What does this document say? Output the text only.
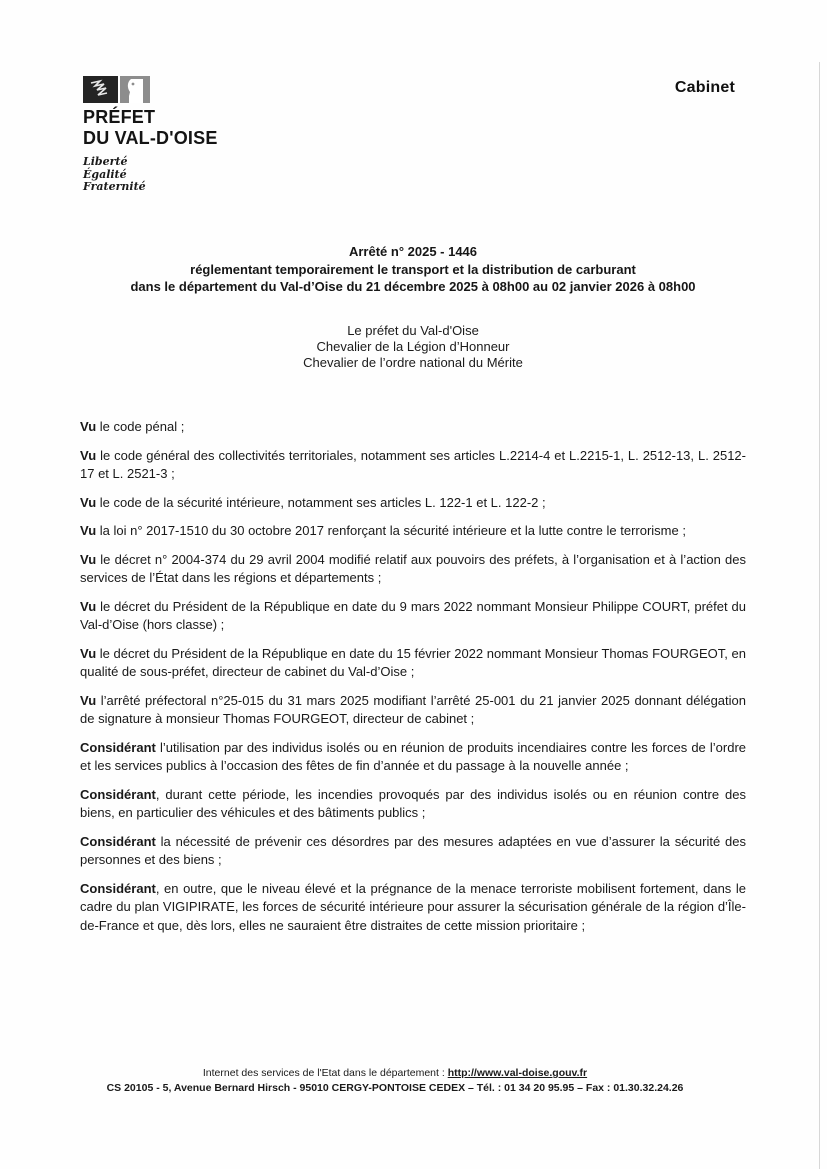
PRÉFET
DU VAL-D'OISE
Liberté
Égalité
Fraternité
Cabinet
Arrêté n° 2025 - 1446
réglementant temporairement le transport et la distribution de carburant
dans le département du Val-d’Oise du 21 décembre 2025 à 08h00 au 02 janvier 2026 à 08h00
Le préfet du Val-d'Oise
Chevalier de la Légion d’Honneur
Chevalier de l’ordre national du Mérite

Vu le code pénal ;

Vu le code général des collectivités territoriales, notamment ses articles L.2214-4 et L.2215-1, L. 2512-13, L. 2512-17 et L. 2521-3 ;

Vu le code de la sécurité intérieure, notamment ses articles L. 122-1 et L. 122-2 ;

Vu la loi n° 2017-1510 du 30 octobre 2017 renforçant la sécurité intérieure et la lutte contre le terrorisme ;

Vu le décret n° 2004-374 du 29 avril 2004 modifié relatif aux pouvoirs des préfets, à l’organisation et à l’action des services de l’État dans les régions et départements ;

Vu le décret du Président de la République en date du 9 mars 2022 nommant Monsieur Philippe COURT, préfet du Val-d’Oise (hors classe) ;

Vu le décret du Président de la République en date du 15 février 2022 nommant Monsieur Thomas FOURGEOT, en qualité de sous-préfet, directeur de cabinet du Val-d’Oise ;

Vu l’arrêté préfectoral n°25-015 du 31 mars 2025 modifiant l’arrêté 25-001 du 21 janvier 2025 donnant délégation de signature à monsieur Thomas FOURGEOT, directeur de cabinet ;

Considérant l’utilisation par des individus isolés ou en réunion de produits incendiaires contre les forces de l’ordre et les services publics à l’occasion des fêtes de fin d’année et du passage à la nouvelle année ;

Considérant, durant cette période, les incendies provoqués par des individus isolés ou en réunion contre des biens, en particulier des véhicules et des bâtiments publics ;

Considérant la nécessité de prévenir ces désordres par des mesures adaptées en vue d’assurer la sécurité des personnes et des biens ;

Considérant, en outre, que le niveau élevé et la prégnance de la menace terroriste mobilisent fortement, dans le cadre du plan VIGIPIRATE, les forces de sécurité intérieure pour assurer la sécurisation générale de la région d’Île-de-France et que, dès lors, elles ne sauraient être distraites de cette mission prioritaire ;

Internet des services de l'Etat dans le département : http://www.val-doise.gouv.fr
CS 20105 - 5, Avenue Bernard Hirsch - 95010 CERGY-PONTOISE CEDEX – Tél. : 01 34 20 95.95 – Fax : 01.30.32.24.26
